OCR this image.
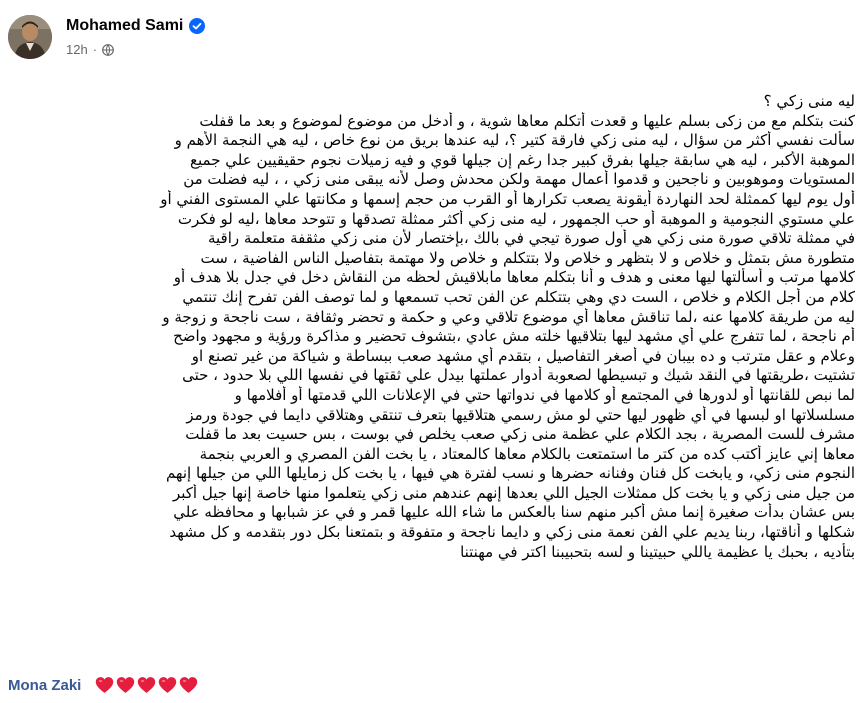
Mohamed Sami
12h ·
ليه منى زكي ؟
كنت بتكلم مع من زكى بسلم عليها و قعدت أتكلم معاها شوية ، و أدخل من موضوع لموضوع و بعد ما قفلت
سألت نفسي أكثر من سؤال ، ليه منى زكي فارقة كتير ؟، ليه عندها بريق من نوع خاص ، ليه هي النجمة الأهم و
الموهبة الأكبر ، ليه هي سابقة جيلها بفرق كبير جدا رغم إن جيلها قوي و فيه زميلات نجوم حقيقيين علي جميع
المستويات وموهوبين و ناجحين و قدموا أعمال مهمة ولكن محدش وصل لأنه يبقى منى زكي ، ، ليه فضلت من
أول يوم ليها كممثلة لحد النهاردة أيقونة يصعب تكرارها أو القرب من حجم إسمها و مكانتها علي المستوى الفني أو
علي مستوي النجومية و الموهبة أو حب الجمهور ، ليه منى زكي أكثر ممثلة تصدقها و تتوحد معاها ،ليه لو فكرت
في ممثلة تلاقي صورة منى زكي هي أول صورة تيجي في بالك ،بإختصار لأن منى زكي مثقفة متعلمة راقية
متطورة مش بتمثل و خلاص و لا بتظهر و خلاص ولا بتتكلم و خلاص ولا مهتمة بتفاصيل الناس الفاضية ، ست
كلامها مرتب و أسألتها ليها معنى و هدف و أنا بتكلم معاها مابلاقيش لحظه من النقاش دخل في جدل بلا هدف أو
كلام من أجل الكلام و خلاص ، الست دي وهي بتتكلم عن الفن تحب تسمعها و لما توصف الفن تفرح إنك تنتمي
ليه من طريقة كلامها عنه ،لما تناقش معاها أي موضوع تلاقي وعي و حكمة و تحضر وثقافة ، ست ناجحة و زوجة و
أم ناجحة ، لما تتفرج علي أي مشهد ليها بتلاقيها خلته مش عادي ،بتشوف تحضير و مذاكرة ورؤية و مجهود واضح
وعلام و عقل مترتب و ده بيبان في أصغر التفاصيل ، بتقدم أي مشهد صعب ببساطة و شياكة من غير تصنع او
تشتيت ،طريقتها في النقد شيك و تبسيطها لصعوبة أدوار عملتها بيدل علي ثقتها في نفسها اللي بلا حدود ، حتى
لما نبص للقانتها أو لدورها في المجتمع أو كلامها في ندواتها حتي في الإعلانات اللي قدمتها أو أفلامها و
مسلسلاتها او لبسها في أي ظهور ليها حتي لو مش رسمي هتلاقيها بتعرف تنتقي وهتلاقي دايما في جودة ورمز
مشرف للست المصرية ، بجد الكلام علي عظمة منى زكي صعب يخلص في بوست ، بس حسيت بعد ما قفلت
معاها إني عايز أكتب كده من كتر ما استمتعت بالكلام معاها كالمعتاد ، يا بخت الفن المصري و العربي بنجمة
النجوم منى زكي، و يابخت كل فنان وفنانه حضرها و نسب لفترة هي فيها ، يا بخت كل زمايلها اللي من جيلها إنهم
من جيل منى زكي و يا بخت كل ممثلات الجيل اللي بعدها إنهم عندهم منى زكي يتعلموا منها خاصة إنها جيل أكبر
بس عشان بدأت صغيرة إنما مش أكبر منهم سنا بالعكس ما شاء الله عليها قمر و في عز شبابها و محافظه علي
شكلها و أناقتها، ربنا يديم علي الفن نعمة منى زكي و دايما ناجحة و متفوقة و بتمتعنا بكل دور بتقدمه و كل مشهد
بتأديه ، بحبك يا عظيمة ياللي حبيتينا و لسه بتحبيبنا اكتر في مهنتنا
Mona Zaki
